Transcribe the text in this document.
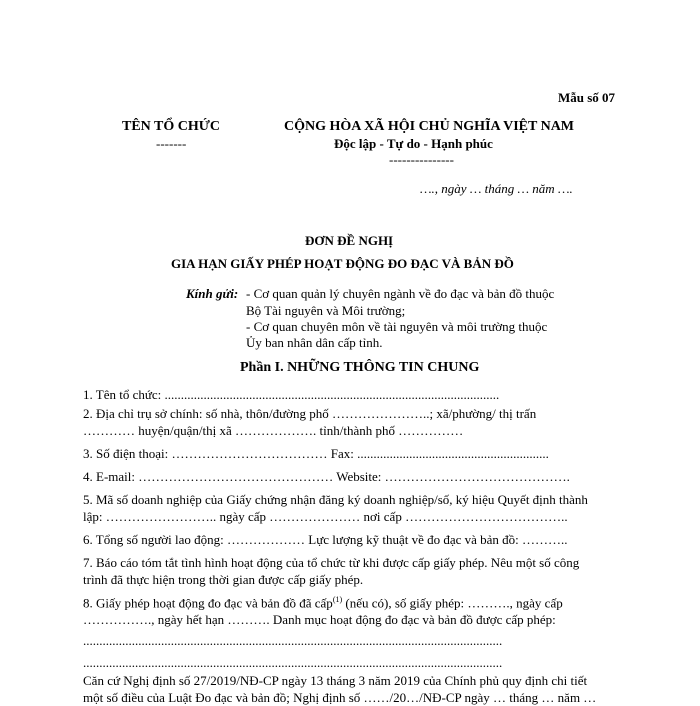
Mẫu số 07
TÊN TỔ CHỨC
-------
CỘNG HÒA XÃ HỘI CHỦ NGHĨA VIỆT NAM
Độc lập - Tự do - Hạnh phúc
---------------
…., ngày … tháng … năm ….
ĐƠN ĐỀ NGHỊ
GIA HẠN GIẤY PHÉP HOẠT ĐỘNG ĐO ĐẠC VÀ BẢN ĐỒ
Kính gửi: - Cơ quan quản lý chuyên ngành về đo đạc và bản đồ thuộc
Bộ Tài nguyên và Môi trường;
- Cơ quan chuyên môn về tài nguyên và môi trường thuộc
Ủy ban nhân dân cấp tỉnh.
Phần I. NHỮNG THÔNG TIN CHUNG
1. Tên tổ chức: .......................................................................................................
2. Địa chỉ trụ sở chính: số nhà, thôn/đường phố …………………..; xã/phường/ thị trấn
………… huyện/quận/thị xã ………………. tỉnh/thành phố ……………
3. Số điện thoại: ……………………………… Fax: ...........................................................
4. E-mail: ……………………………………… Website: …………………………………….
5. Mã số doanh nghiệp của Giấy chứng nhận đăng ký doanh nghiệp/số, ký hiệu Quyết định thành
lập: …………………….. ngày cấp ………………… nơi cấp ………………………………..
6. Tổng số người lao động: ……………… Lực lượng kỹ thuật về đo đạc và bản đồ: ………..
7. Báo cáo tóm tắt tình hình hoạt động của tổ chức từ khi được cấp giấy phép. Nêu một số công
trình đã thực hiện trong thời gian được cấp giấy phép.
8. Giấy phép hoạt động đo đạc và bản đồ đã cấp$^{(1)}$ (nếu có), số giấy phép: ………., ngày cấp
……………., ngày hết hạn ………. Danh mục hoạt động đo đạc và bản đồ được cấp phép:
.................................................................................................................................
.................................................................................................................................
Căn cứ Nghị định số 27/2019/NĐ-CP ngày 13 tháng 3 năm 2019 của Chính phủ quy định chi tiết
một số điều của Luật Đo đạc và bản đồ; Nghị định số ……/20…/NĐ-CP ngày … tháng … năm …
